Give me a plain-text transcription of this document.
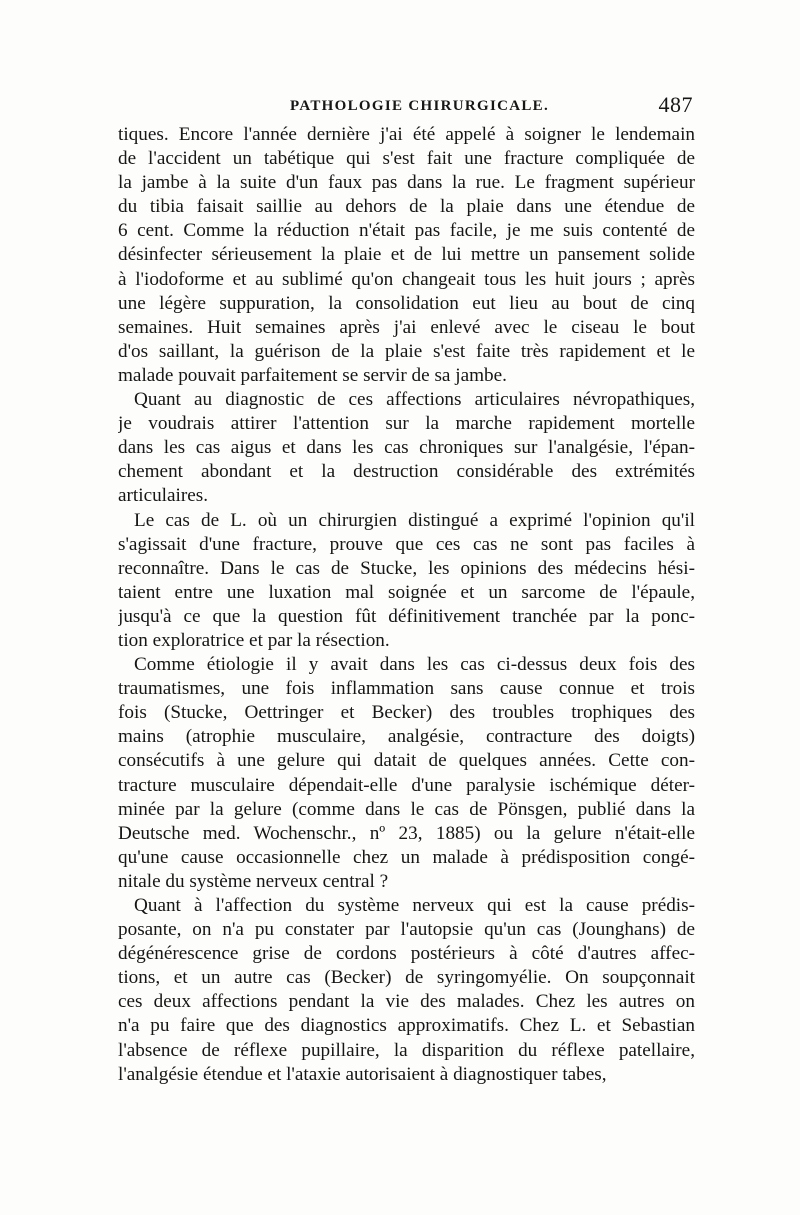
PATHOLOGIE CHIRURGICALE.	487
tiques. Encore l'année dernière j'ai été appelé à soigner le lendemain
de l'accident un tabétique qui s'est fait une fracture compliquée de
la jambe à la suite d'un faux pas dans la rue. Le fragment supérieur
du tibia faisait saillie au dehors de la plaie dans une étendue de
6 cent. Comme la réduction n'était pas facile, je me suis contenté de
désinfecter sérieusement la plaie et de lui mettre un pansement solide
à l'iodoforme et au sublimé qu'on changeait tous les huit jours ; après
une légère suppuration, la consolidation eut lieu au bout de cinq
semaines. Huit semaines après j'ai enlevé avec le ciseau le bout
d'os saillant, la guérison de la plaie s'est faite très rapidement et le
malade pouvait parfaitement se servir de sa jambe.
Quant au diagnostic de ces affections articulaires névropathiques,
je voudrais attirer l'attention sur la marche rapidement mortelle
dans les cas aigus et dans les cas chroniques sur l'analgésie, l'épan-
chement abondant et la destruction considérable des extrémités
articulaires.
Le cas de L. où un chirurgien distingué a exprimé l'opinion qu'il
s'agissait d'une fracture, prouve que ces cas ne sont pas faciles à
reconnaître. Dans le cas de Stucke, les opinions des médecins hési-
taient entre une luxation mal soignée et un sarcome de l'épaule,
jusqu'à ce que la question fût définitivement tranchée par la ponc-
tion exploratrice et par la résection.
Comme étiologie il y avait dans les cas ci-dessus deux fois des
traumatismes, une fois inflammation sans cause connue et trois
fois (Stucke, Oettringer et Becker) des troubles trophiques des
mains (atrophie musculaire, analgésie, contracture des doigts)
consécutifs à une gelure qui datait de quelques années. Cette con-
tracture musculaire dépendait-elle d'une paralysie ischémique déter-
minée par la gelure (comme dans le cas de Pönsgen, publié dans la
Deutsche med. Wochenschr., nº 23, 1885) ou la gelure n'était-elle
qu'une cause occasionnelle chez un malade à prédisposition congé-
nitale du système nerveux central ?
Quant à l'affection du système nerveux qui est la cause prédis-
posante, on n'a pu constater par l'autopsie qu'un cas (Jounghans) de
dégénérescence grise de cordons postérieurs à côté d'autres affec-
tions, et un autre cas (Becker) de syringomyélie. On soupçonnait
ces deux affections pendant la vie des malades. Chez les autres on
n'a pu faire que des diagnostics approximatifs. Chez L. et Sebastian
l'absence de réflexe pupillaire, la disparition du réflexe patellaire,
l'analgésie étendue et l'ataxie autorisaient à diagnostiquer tabes,
